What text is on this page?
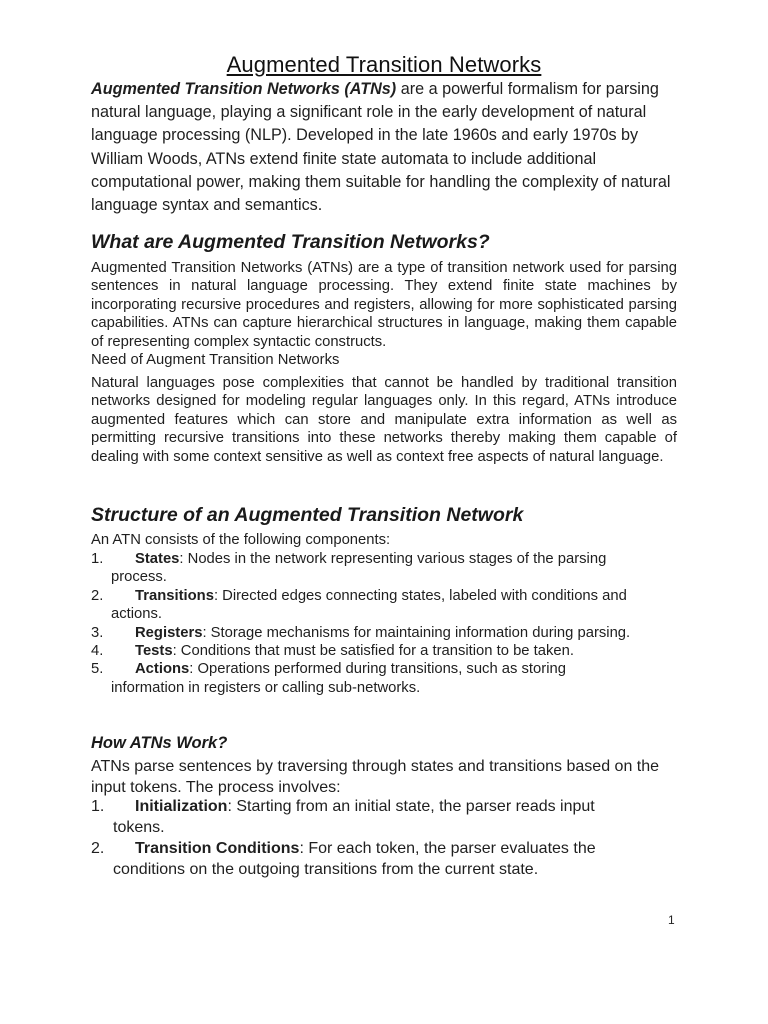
Augmented Transition Networks

Augmented Transition Networks (ATNs) are a powerful formalism for parsing natural language, playing a significant role in the early development of natural language processing (NLP). Developed in the late 1960s and early 1970s by William Woods, ATNs extend finite state automata to include additional computational power, making them suitable for handling the complexity of natural language syntax and semantics.

What are Augmented Transition Networks?

Augmented Transition Networks (ATNs) are a type of transition network used for parsing sentences in natural language processing. They extend finite state machines by incorporating recursive procedures and registers, allowing for more sophisticated parsing capabilities. ATNs can capture hierarchical structures in language, making them capable of representing complex syntactic constructs.

Need of Augment Transition Networks

Natural languages pose complexities that cannot be handled by traditional transition networks designed for modeling regular languages only. In this regard, ATNs introduce augmented features which can store and manipulate extra information as well as permitting recursive transitions into these networks thereby making them capable of dealing with some context sensitive as well as context free aspects of natural language.

Structure of an Augmented Transition Network

An ATN consists of the following components:

1.	States: Nodes in the network representing various stages of the parsing
process.
2.	Transitions: Directed edges connecting states, labeled with conditions and
actions.
3.	Registers: Storage mechanisms for maintaining information during parsing.
4.	Tests: Conditions that must be satisfied for a transition to be taken.
5.	Actions: Operations performed during transitions, such as storing
information in registers or calling sub-networks.
How ATNs Work?

ATNs parse sentences by traversing through states and transitions based on the input tokens. The process involves:

1.	Initialization: Starting from an initial state, the parser reads input
tokens.
2.	Transition Conditions: For each token, the parser evaluates the
conditions on the outgoing transitions from the current state.
1
